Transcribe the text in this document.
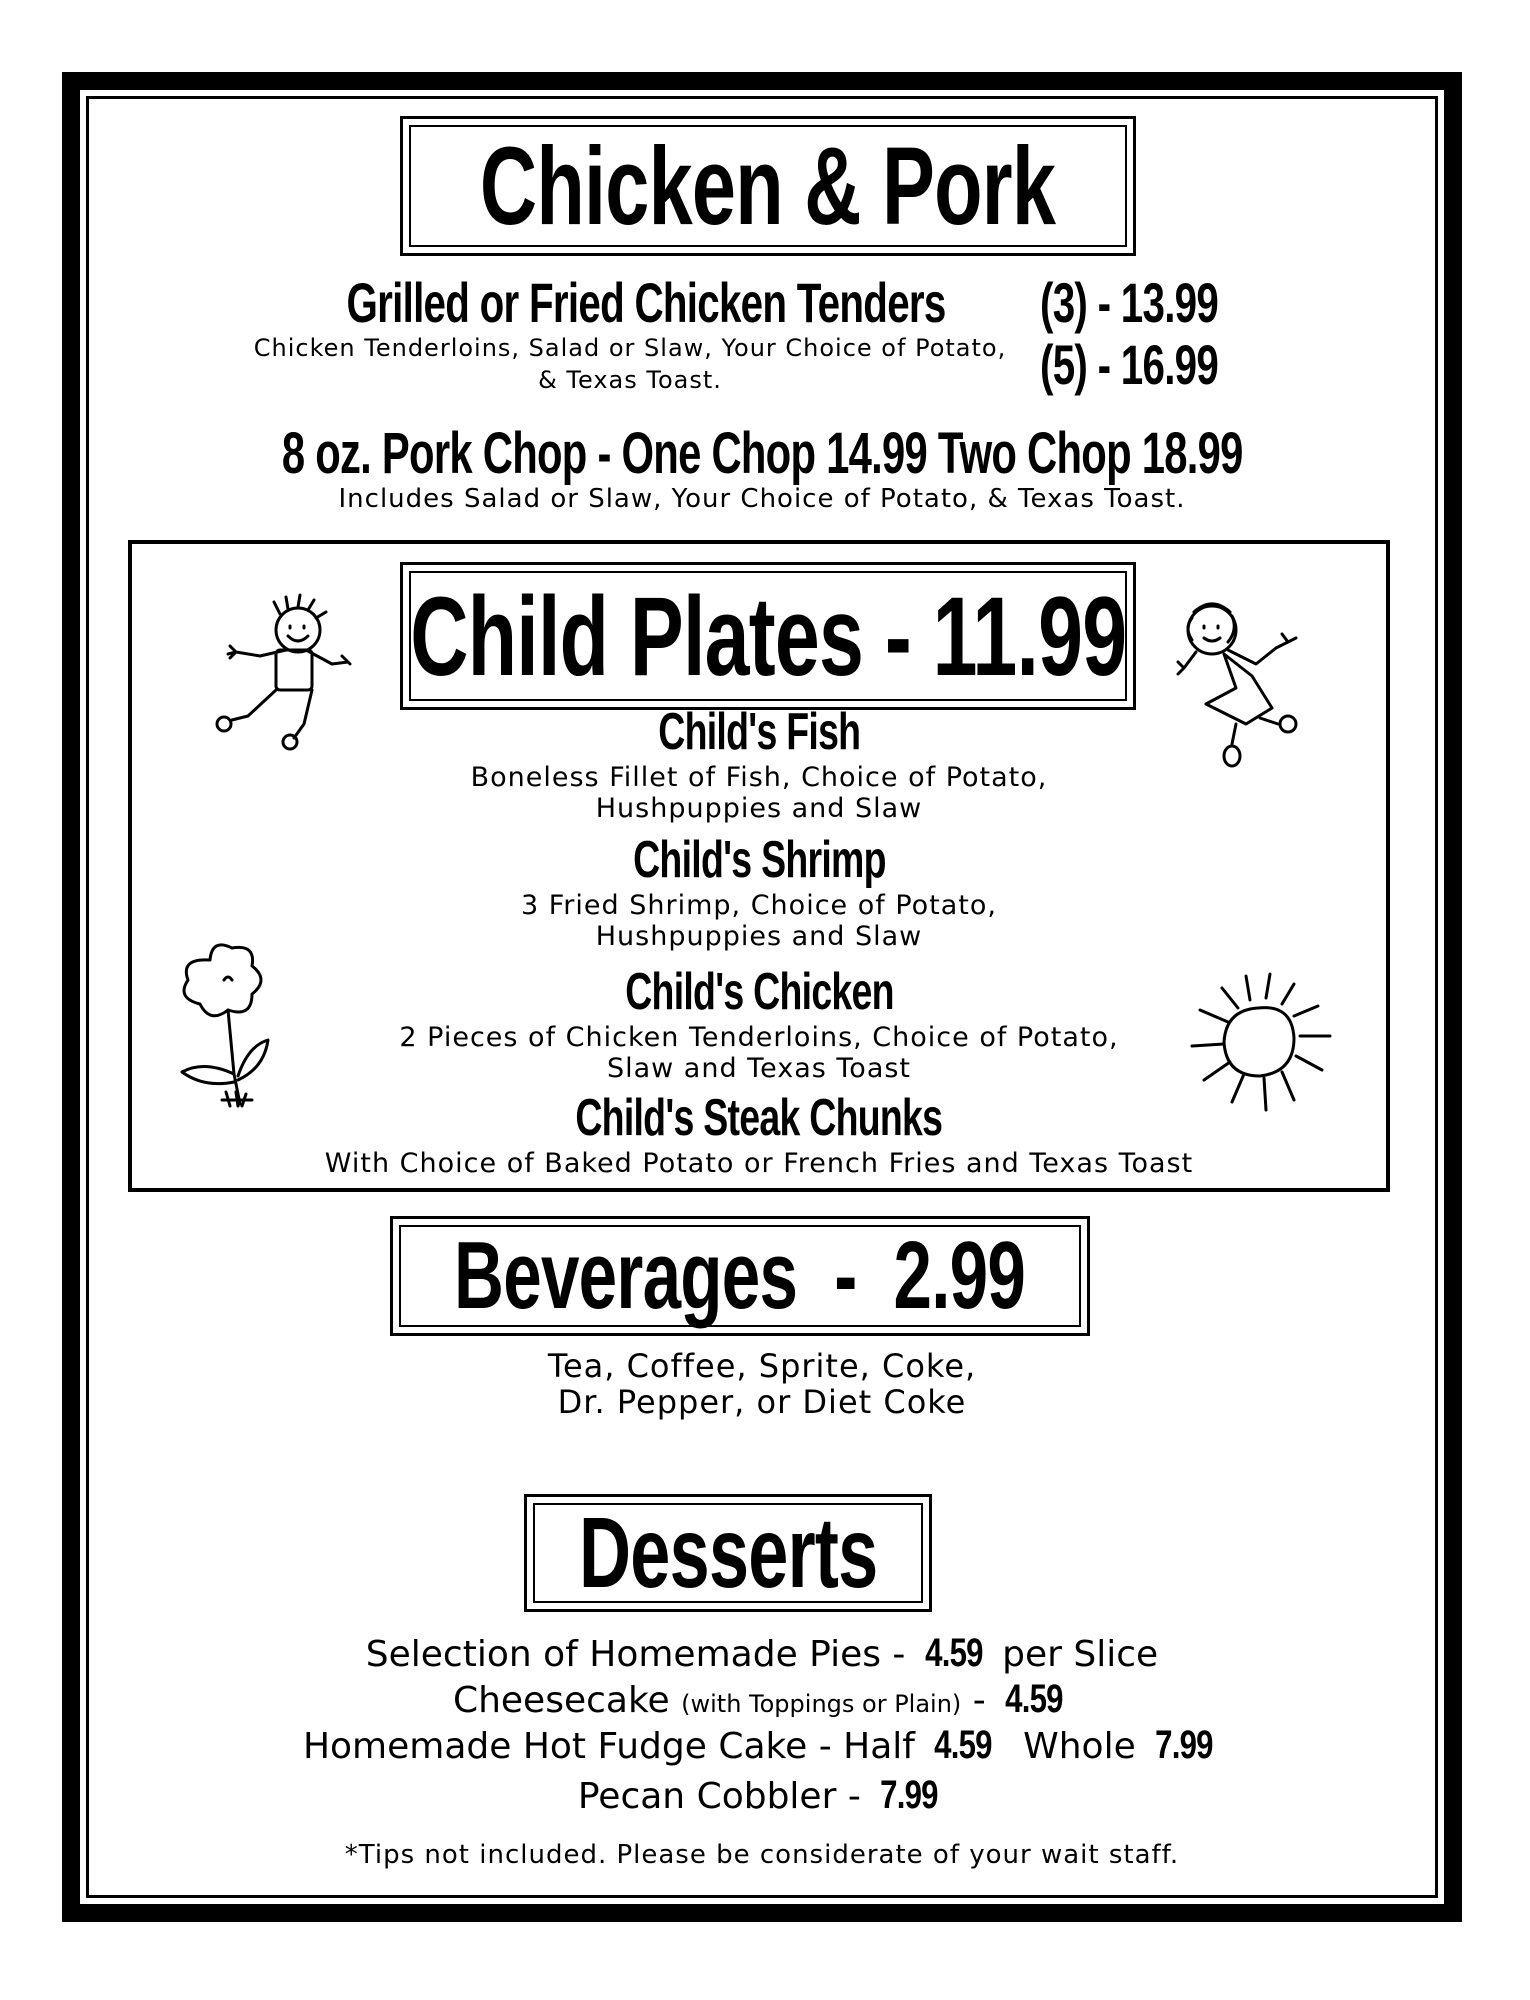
Chicken & Pork
Grilled or Fried Chicken Tenders
Chicken Tenderloins, Salad or Slaw, Your Choice of Potato,
& Texas Toast.
(3) - 13.99
(5) - 16.99
8 oz. Pork Chop - One Chop 14.99 Two Chop 18.99
Includes Salad or Slaw, Your Choice of Potato, & Texas Toast.
Child Plates - 11.99
Child's Fish
Boneless Fillet of Fish, Choice of Potato,
Hushpuppies and Slaw
Child's Shrimp
3 Fried Shrimp, Choice of Potato,
Hushpuppies and Slaw
Child's Chicken
2 Pieces of Chicken Tenderloins, Choice of Potato,
Slaw and Texas Toast
Child's Steak Chunks
With Choice of Baked Potato or French Fries and Texas Toast
Beverages  -  2.99
Tea, Coffee, Sprite, Coke,
Dr. Pepper, or Diet Coke
Desserts
Selection of Homemade Pies - 4.59 per Slice
Cheesecake (with Toppings or Plain) - 4.59
Homemade Hot Fudge Cake - Half 4.59  Whole 7.99
Pecan Cobbler - 7.99
*Tips not included. Please be considerate of your wait staff.
